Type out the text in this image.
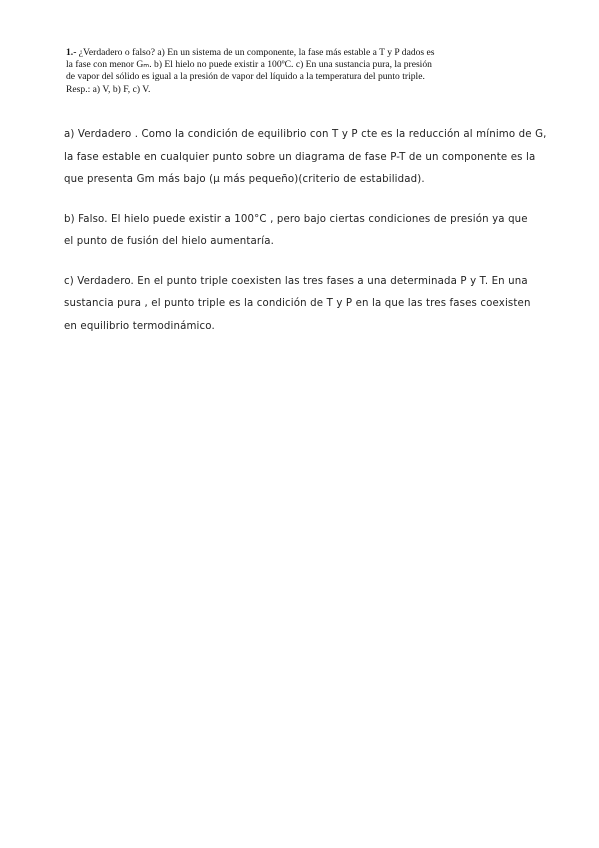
1.- ¿Verdadero o falso? a) En un sistema de un componente, la fase más estable a T y P dados es
la fase con menor Gₘ. b) El hielo no puede existir a 100ºC. c) En una sustancia pura, la presión
de vapor del sólido es igual a la presión de vapor del líquido a la temperatura del punto triple.
Resp.: a) V, b) F, c) V.
a) Verdadero . Como la condición de equilibrio con T y P cte es la reducción al mínimo de G,
la fase estable en cualquier punto sobre un diagrama de fase P-T de un componente es la
que presenta Gm más bajo (μ más pequeño)(criterio de estabilidad).
b) Falso. El hielo puede existir a 100°C , pero bajo ciertas condiciones de presión ya que
el punto de fusión del hielo aumentaría.
c) Verdadero. En el punto triple coexisten las tres fases a una determinada P y T. En una
sustancia pura , el punto triple es la condición de T y P en la que las tres fases coexisten
en equilibrio termodinámico.
